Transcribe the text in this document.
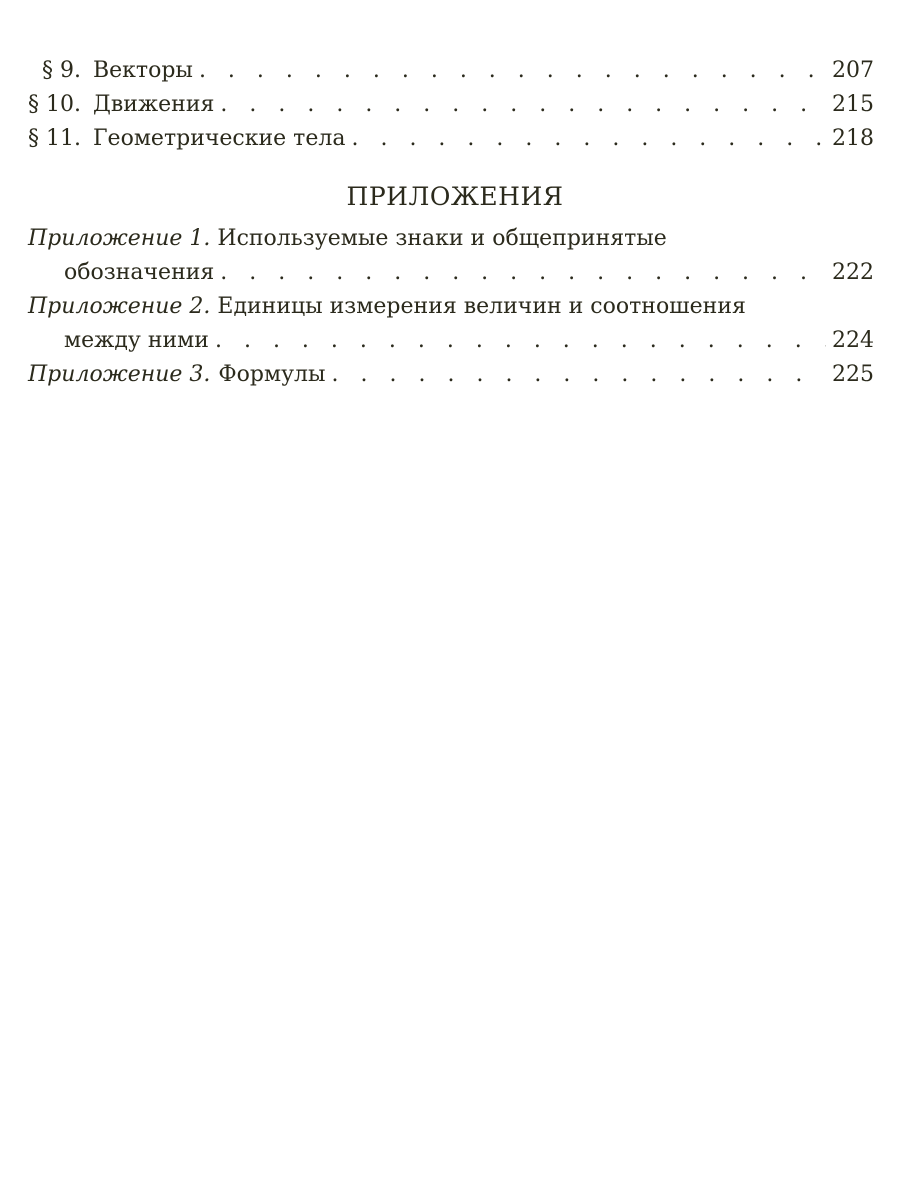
§ 9. Векторы . . .	207
§ 10. Движения . . .	215
§ 11. Геометрические тела . . .	218
ПРИЛОЖЕНИЯ
Приложение 1. Используемые знаки и общепринятые
обозначения . . .	222
Приложение 2. Единицы измерения величин и соотношения
между ними . . .	224
Приложение 3. Формулы . . .	225
